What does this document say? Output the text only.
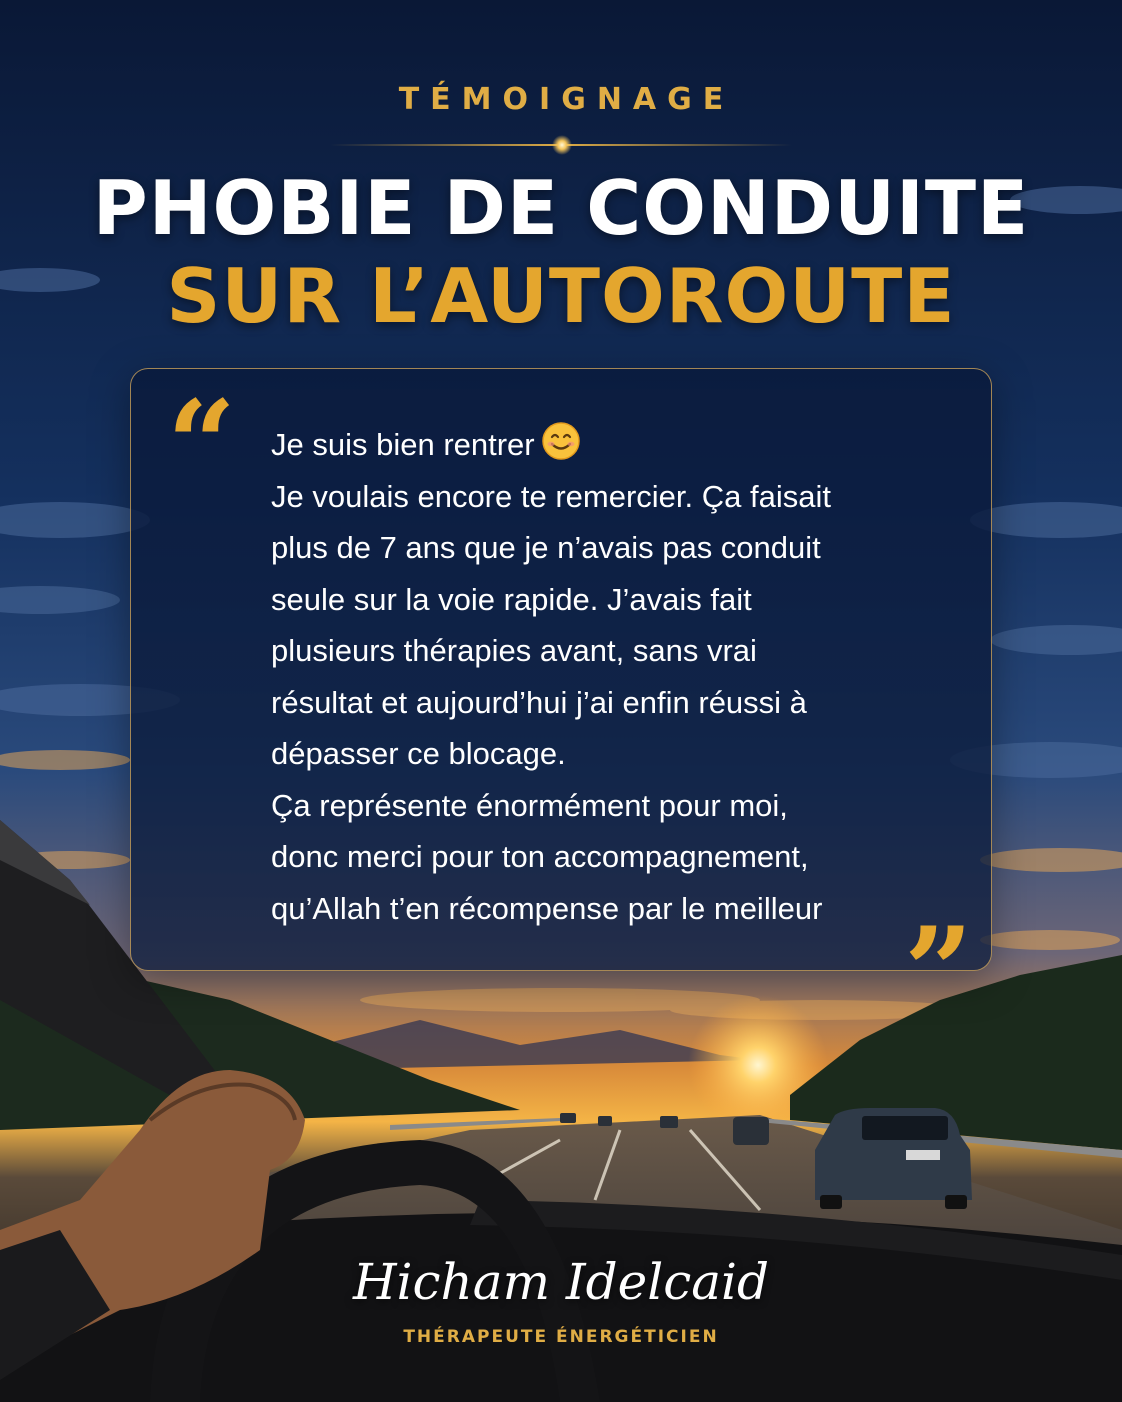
TÉMOIGNAGE
PHOBIE DE CONDUITE
SUR L’AUTOROUTE
“ Je suis bien rentrer
Je voulais encore te remercier. Ça faisait
plus de 7 ans que je n’avais pas conduit
seule sur la voie rapide. J’avais fait
plusieurs thérapies avant, sans vrai
résultat et aujourd’hui j’ai enfin réussi à
dépasser ce blocage.
Ça représente énormément pour moi,
donc merci pour ton accompagnement,
qu’Allah t’en récompense par le meilleur ”
Hicham Idelcaid
THÉRAPEUTE ÉNERGÉTICIEN
